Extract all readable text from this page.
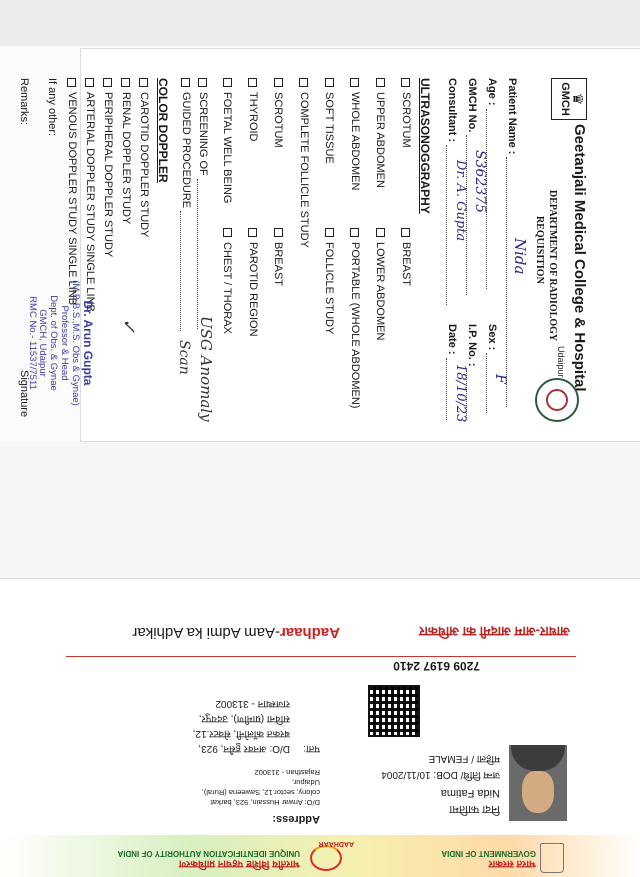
♛
GMCH
Geetanjali Medical College & Hospital
Udaipur
DEPARTMENT OF RADIOLOGY
REQUISITION
Patient Name :
Nida
Age :
Sex :
F
GMCH No.
S362375
I.P. No. :
Consultant :
Dr. A. Gupta
Date :
18/10/23
ULTRASONOGGRAPHY
SCROTUM
BREAST
UPPER ABDOMEN
LOWER ABDOMEN
WHOLE ABDOMEN
PORTABLE (WHOLE ABDOMEN)
SOFT TISSUE
FOLLICLE STUDY
COMPLETE FOLLICLE STUDY
SCROTUM
BREAST
THYROID
PAROTID REGION
FOETAL WELL BEING
CHEST / THORAX
SCREENING OF
GUIDED PROCEDURE
USG Anomaly
Scan
COLOR DOPPLER
CAROTID DOPPLER STUDY
RENAL DOPPLER STUDY
PERIPHERAL DOPPLER STUDY
ARTERIAL DOPPLER STUDY SINGLE LINB
VENOUS DOPPLER STUDY SINGLE LINB
✓
If any other:
Dr. Arun Gupta
(M.B.B.S.,M.S. Obs & Gynae)
Professor & Head
Dept. of Obs. & Gynae
GMCH, Udaipur
RMC No.- 11537/7511
Remarks:
Signature
भारत सरकार
GOVERNMENT OF INDIA
AADHAAR
भारतीय विशिष्ट पहचान प्राधिकरण
UNIQUE IDENTIFICATION AUTHORITY OF INDIA
निदा फातिमा
Nida Fatima
जन्म तिथि/ DOB: 10/11/2004
महिला / FEMALE
Address:
D/O: Anwar Hussain, 923, barkat
colony, sector.12, Saweena (Rural),
Udaipur,
Rajasthan - 313002
पता:
D/O: अनवर हुसैन, 923,
बरकत कॉलोनी, सेक्टर.12,
सविना (ग्रामीण), उदयपुर,
राजस्थान - 313002
7209 6197 2410
आधार-आम आदमी का अधिकार
Aadhaar-Aam Admi ka Adhikar
